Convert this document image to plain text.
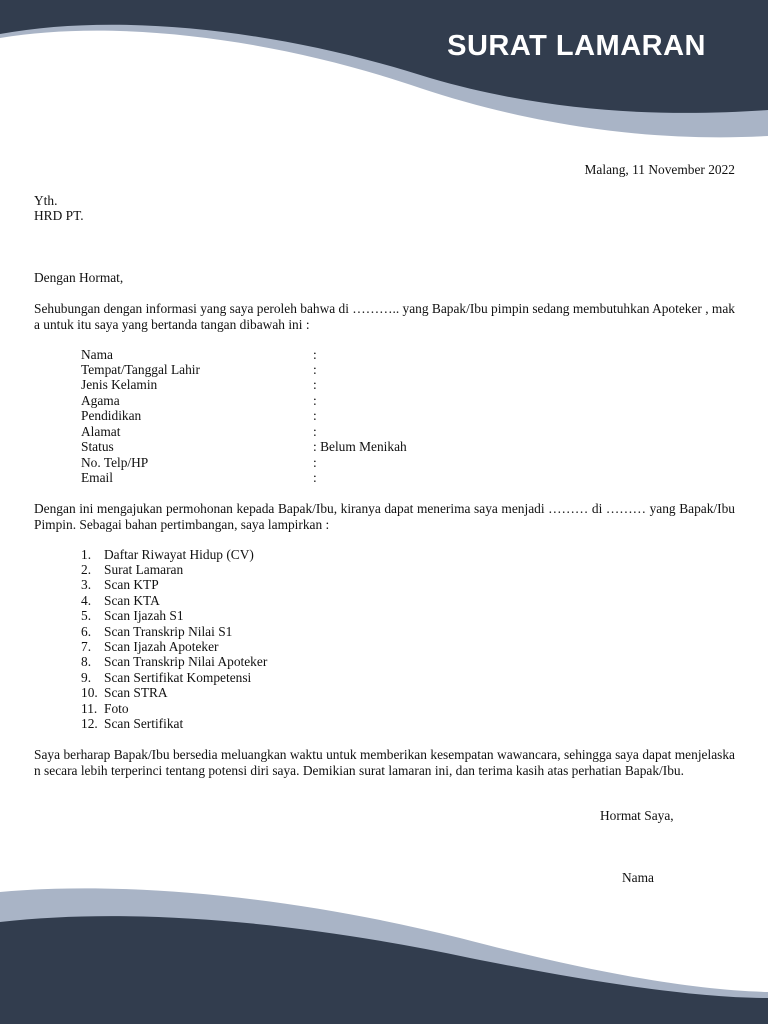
SURAT LAMARAN
Malang, 11 November 2022
Yth.
HRD PT.
Dengan Hormat,
Sehubungan dengan informasi yang saya peroleh bahwa di ……….. yang Bapak/Ibu pimpin sedang membutuhkan Apoteker , maka untuk itu saya yang bertanda tangan dibawah ini :
Nama	:
Tempat/Tanggal Lahir	:
Jenis Kelamin	:
Agama	:
Pendidikan	:
Alamat	:
Status	: Belum Menikah
No. Telp/HP	:
Email	:
Dengan ini mengajukan permohonan kepada Bapak/Ibu, kiranya dapat menerima saya menjadi ……… di ……… yang Bapak/Ibu Pimpin. Sebagai bahan pertimbangan, saya lampirkan :
1. Daftar Riwayat Hidup (CV)
2. Surat Lamaran
3. Scan KTP
4. Scan KTA
5. Scan Ijazah S1
6. Scan Transkrip Nilai S1
7. Scan Ijazah Apoteker
8. Scan Transkrip Nilai Apoteker
9. Scan Sertifikat Kompetensi
10. Scan STRA
11. Foto
12. Scan Sertifikat
Saya berharap Bapak/Ibu bersedia meluangkan waktu untuk memberikan kesempatan wawancara, sehingga saya dapat menjelaskan secara lebih terperinci tentang potensi diri saya. Demikian surat lamaran ini, dan terima kasih atas perhatian Bapak/Ibu.
Hormat Saya,
Nama
